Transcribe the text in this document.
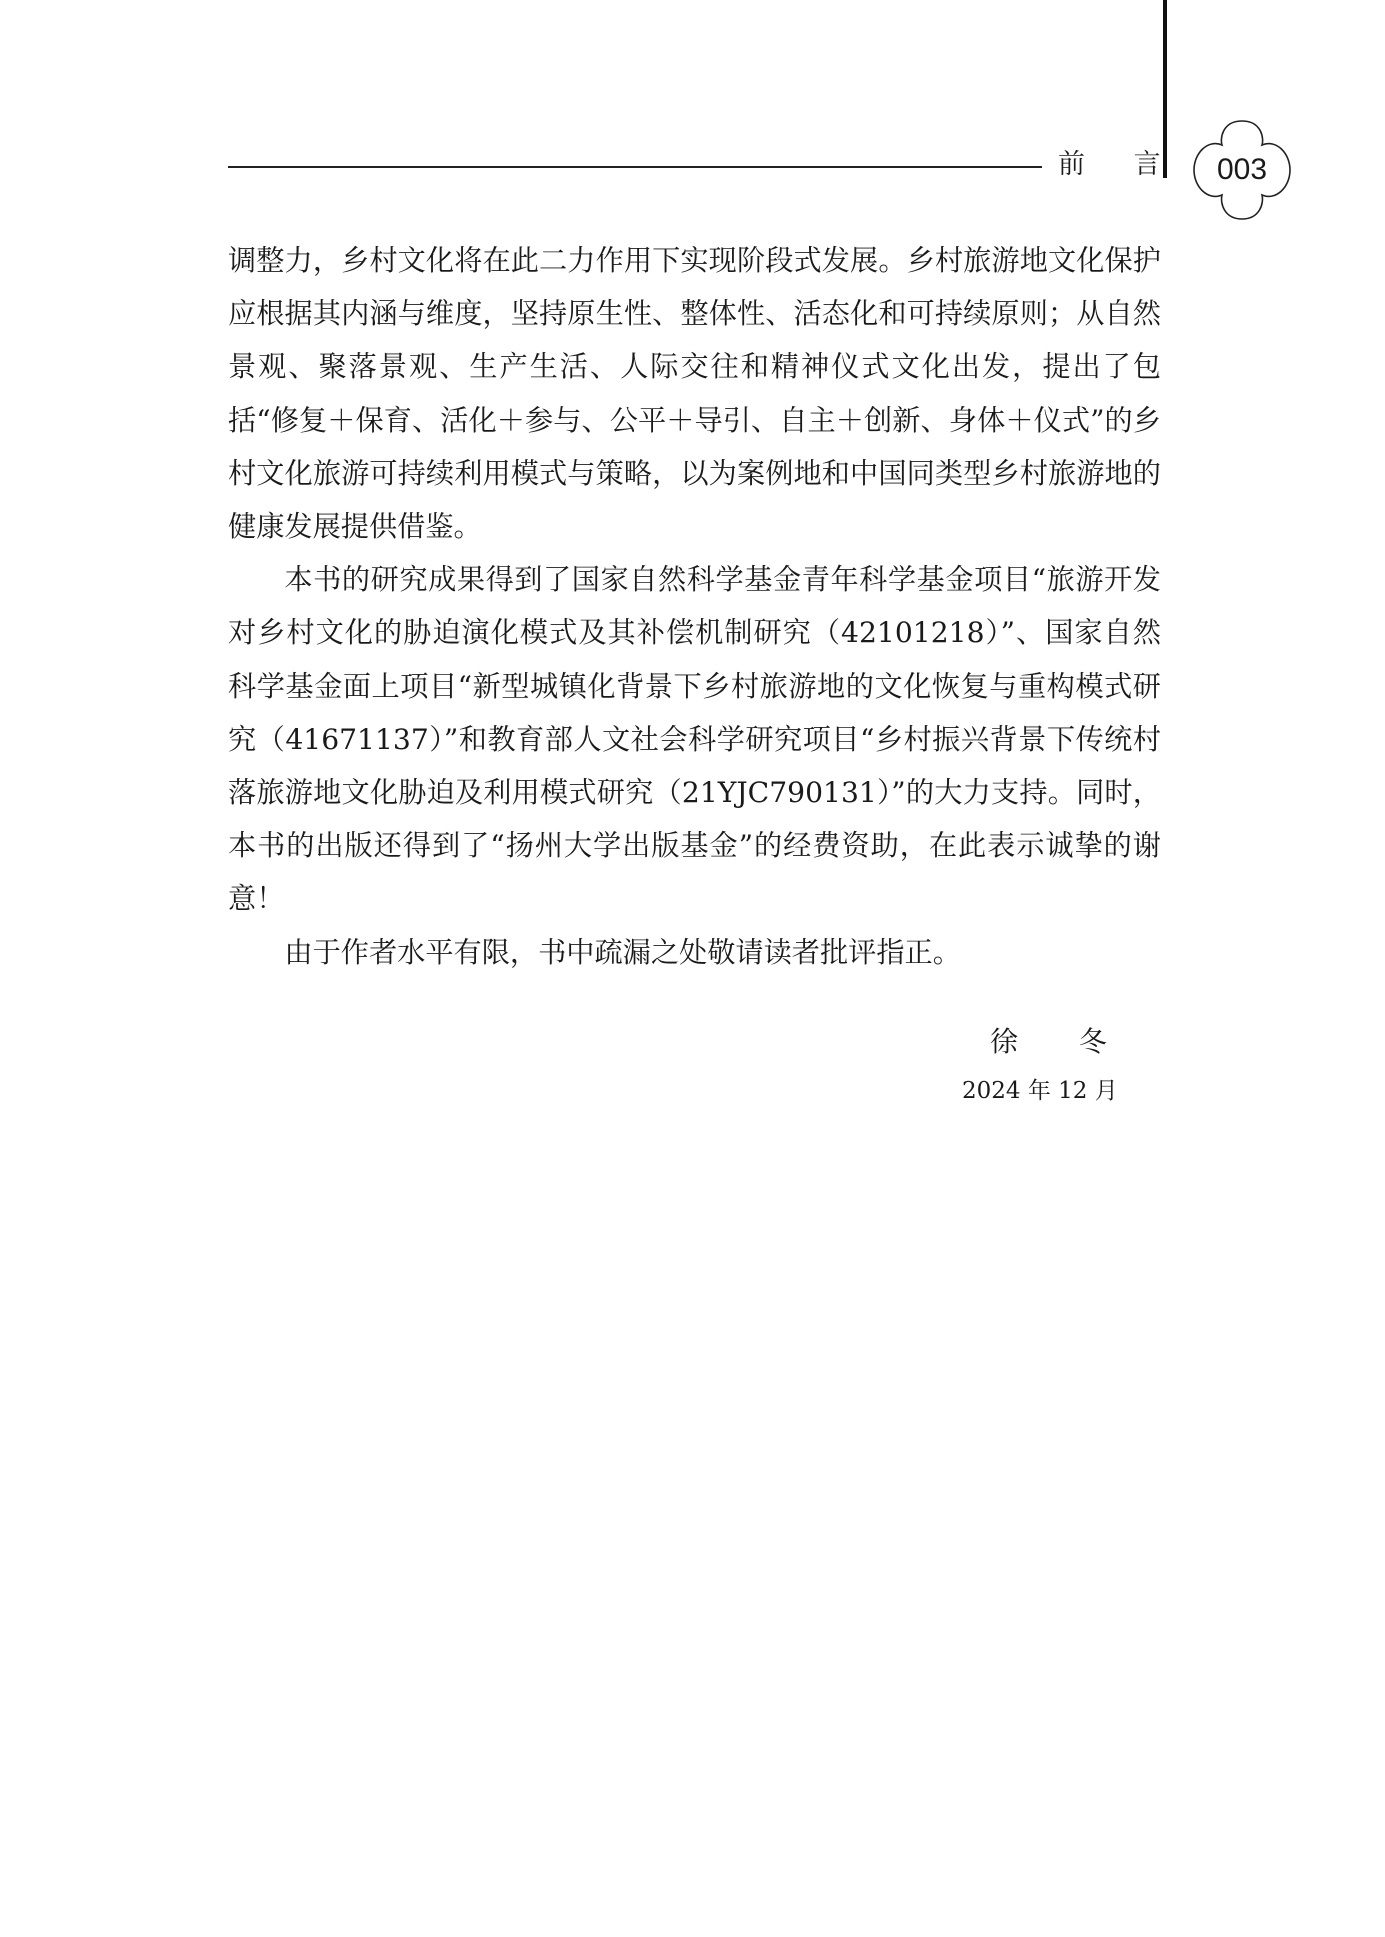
前 言	003

调整力，乡村文化将在此二力作用下实现阶段式发展。乡村旅游地文化保护应根据其内涵与维度，坚持原生性、整体性、活态化和可持续原则；从自然景观、聚落景观、生产生活、人际交往和精神仪式文化出发，提出了包括“修复＋保育、活化＋参与、公平＋导引、自主＋创新、身体＋仪式”的乡村文化旅游可持续利用模式与策略，以为案例地和中国同类型乡村旅游地的健康发展提供借鉴。

本书的研究成果得到了国家自然科学基金青年科学基金项目“旅游开发对乡村文化的胁迫演化模式及其补偿机制研究（42101218）”、国家自然科学基金面上项目“新型城镇化背景下乡村旅游地的文化恢复与重构模式研究（41671137）”和教育部人文社会科学研究项目“乡村振兴背景下传统村落旅游地文化胁迫及利用模式研究（21YJC790131）”的大力支持。同时，本书的出版还得到了“扬州大学出版基金”的经费资助，在此表示诚挚的谢意！

由于作者水平有限，书中疏漏之处敬请读者批评指正。

徐 冬
2024 年 12 月
